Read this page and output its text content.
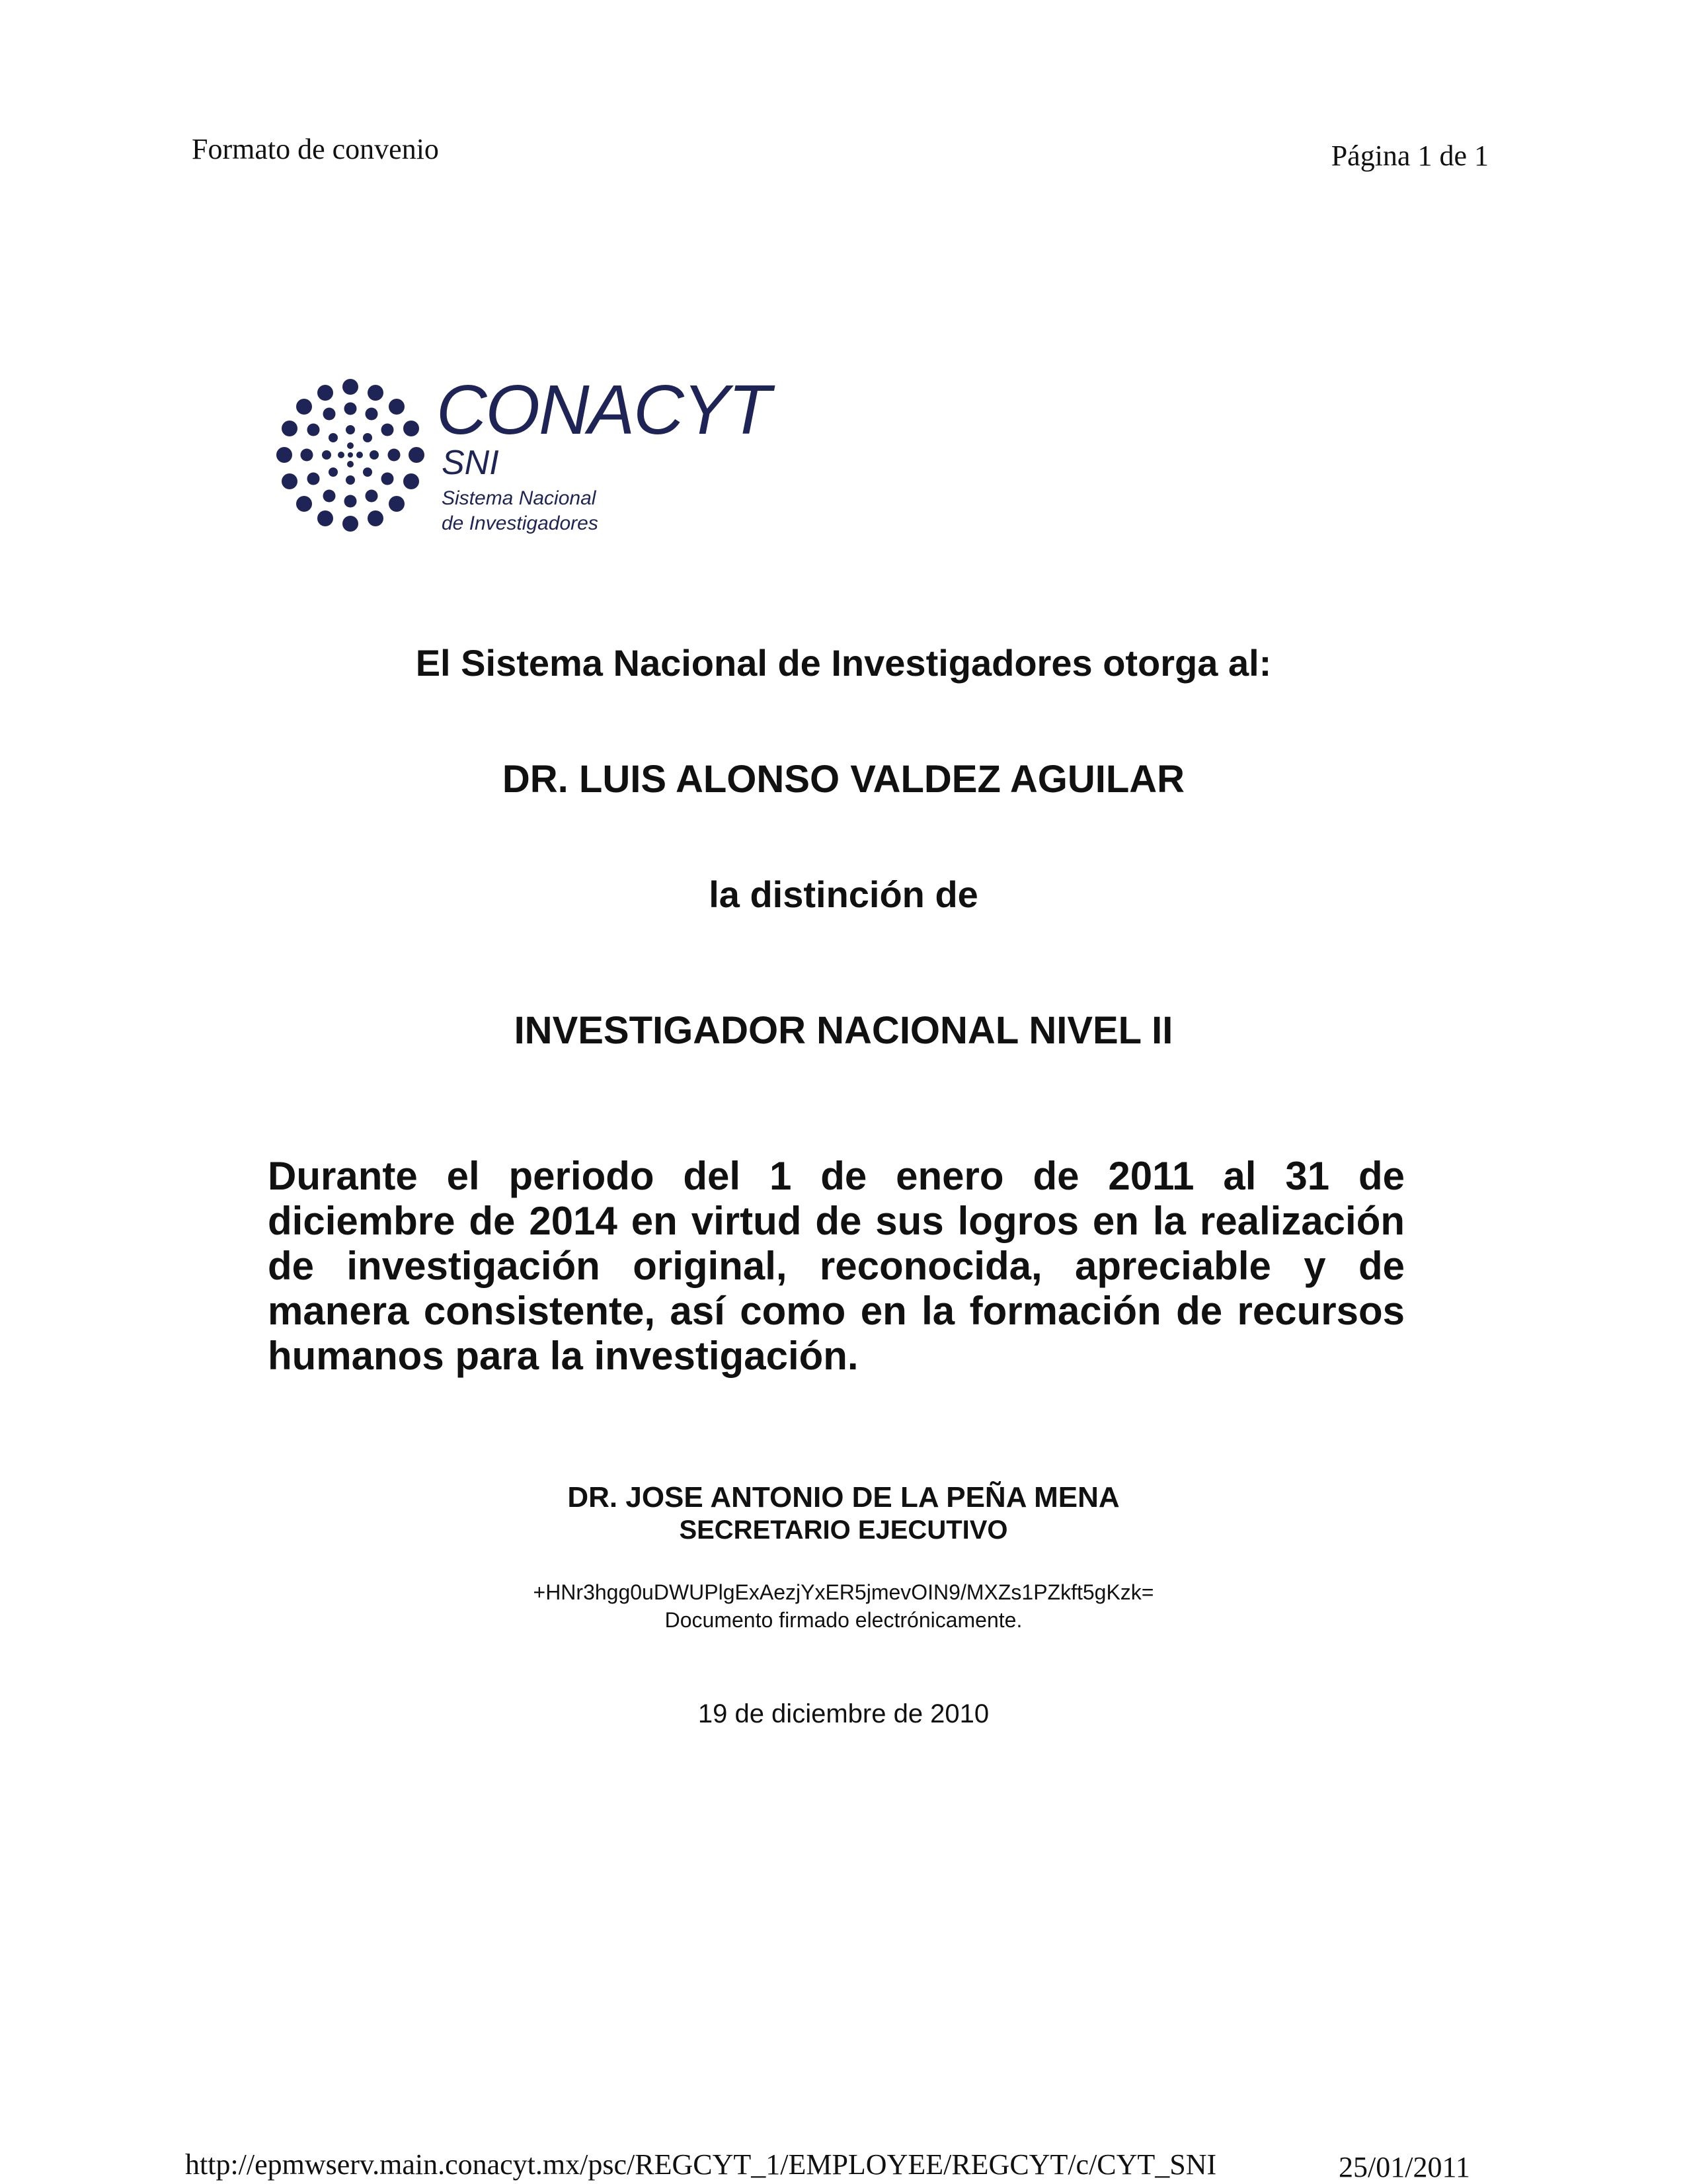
Formato de convenio	Página 1 de 1
CONACYT
SNI
Sistema Nacional
de Investigadores
El Sistema Nacional de Investigadores otorga al:
DR. LUIS ALONSO VALDEZ AGUILAR
la distinción de
INVESTIGADOR NACIONAL NIVEL II
Durante el periodo del 1 de enero de 2011 al 31 de diciembre de 2014 en virtud de sus logros en la realización de investigación original, reconocida, apreciable y de manera consistente, así como en la formación de recursos humanos para la investigación.
DR. JOSE ANTONIO DE LA PEÑA MENA
SECRETARIO EJECUTIVO
+HNr3hgg0uDWUPlgExAezjYxER5jmevOIN9/MXZs1PZkft5gKzk=
Documento firmado electrónicamente.
19 de diciembre de 2010
http://epmwserv.main.conacyt.mx/psc/REGCYT_1/EMPLOYEE/REGCYT/c/CYT_SNI	25/01/2011
